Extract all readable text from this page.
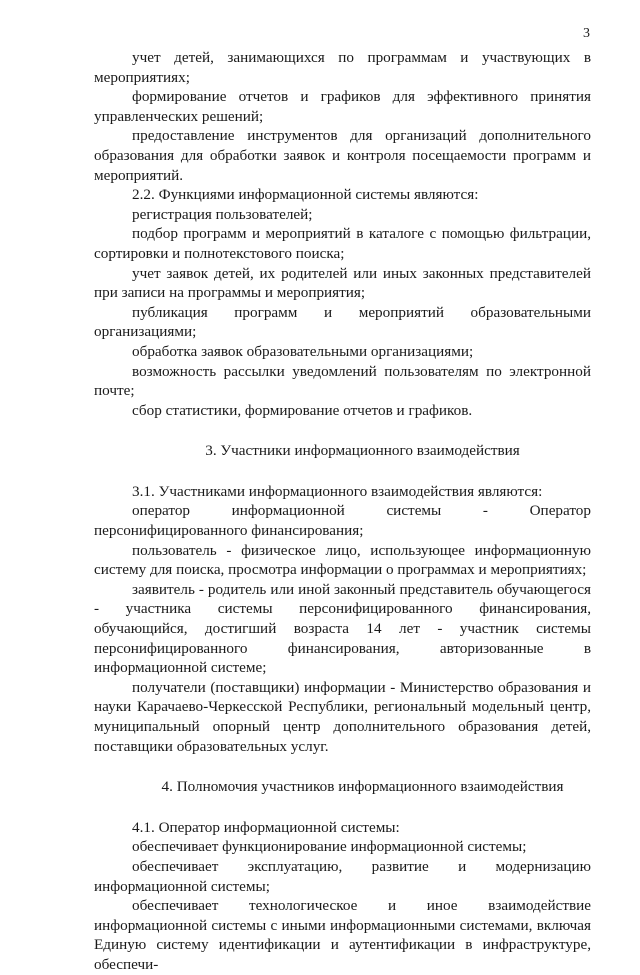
3

учет детей, занимающихся по программам и участвующих в мероприятиях;

формирование отчетов и графиков для эффективного принятия управленческих решений;

предоставление инструментов для организаций дополнительного образования для обработки заявок и контроля посещаемости программ и мероприятий.

2.2. Функциями информационной системы являются:

регистрация пользователей;

подбор программ и мероприятий в каталоге с помощью фильтрации, сортировки и полнотекстового поиска;

учет заявок детей, их родителей или иных законных представителей при записи на программы и мероприятия;

публикация программ и мероприятий образовательными организациями;

обработка заявок образовательными организациями;

возможность рассылки уведомлений пользователям по электронной почте;

сбор статистики, формирование отчетов и графиков.

3. Участники информационного взаимодействия

3.1. Участниками информационного взаимодействия являются:

оператор информационной системы - Оператор персонифицированного финансирования;

пользователь - физическое лицо, использующее информационную систему для поиска, просмотра информации о программах и мероприятиях;

заявитель - родитель или иной законный представитель обучающегося - участника системы персонифицированного финансирования, обучающийся, достигший возраста 14 лет - участник системы персонифицированного финансирования, авторизованные в информационной системе;

получатели (поставщики) информации - Министерство образования и науки Карачаево-Черкесской Республики, региональный модельный центр, муниципальный опорный центр дополнительного образования детей, поставщики образовательных услуг.

4. Полномочия участников информационного взаимодействия

4.1. Оператор информационной системы:

обеспечивает функционирование информационной системы;

обеспечивает эксплуатацию, развитие и модернизацию информационной системы;

обеспечивает технологическое и иное взаимодействие информационной системы с иными информационными системами, включая Единую систему идентификации и аутентификации в инфраструктуре, обеспечи-
